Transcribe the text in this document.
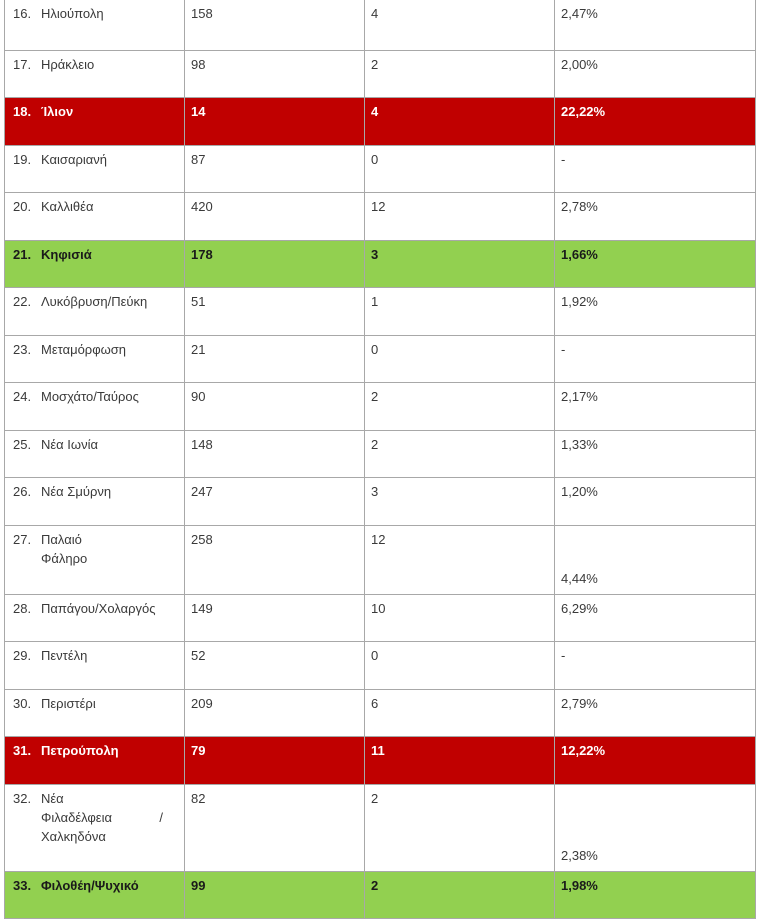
16. Ηλιούπολη	158	4	2,47%
17. Ηράκλειο	98	2	2,00%
18. Ίλιον	14	4	22,22%
19. Καισαριανή	87	0	-
20. Καλλιθέα	420	12	2,78%
21. Κηφισιά	178	3	1,66%
22. Λυκόβρυση/Πεύκη	51	1	1,92%
23. Μεταμόρφωση	21	0	-
24. Μοσχάτο/Ταύρος	90	2	2,17%
25. Νέα Ιωνία	148	2	1,33%
26. Νέα Σμύρνη	247	3	1,20%
27. Παλαιό
Φάληρο	258	12	4,44%

28. Παπάγου/Χολαργός	149	10	6,29%
29. Πεντέλη	52	0	-
30. Περιστέρι	209	6	2,79%
31. Πετρούπολη	79	11	12,22%
32. Νέα
Φιλαδέλφεια /
Χαλκηδόνα	82	2	2,38%

33. Φιλοθέη/Ψυχικό	99	2	1,98%
